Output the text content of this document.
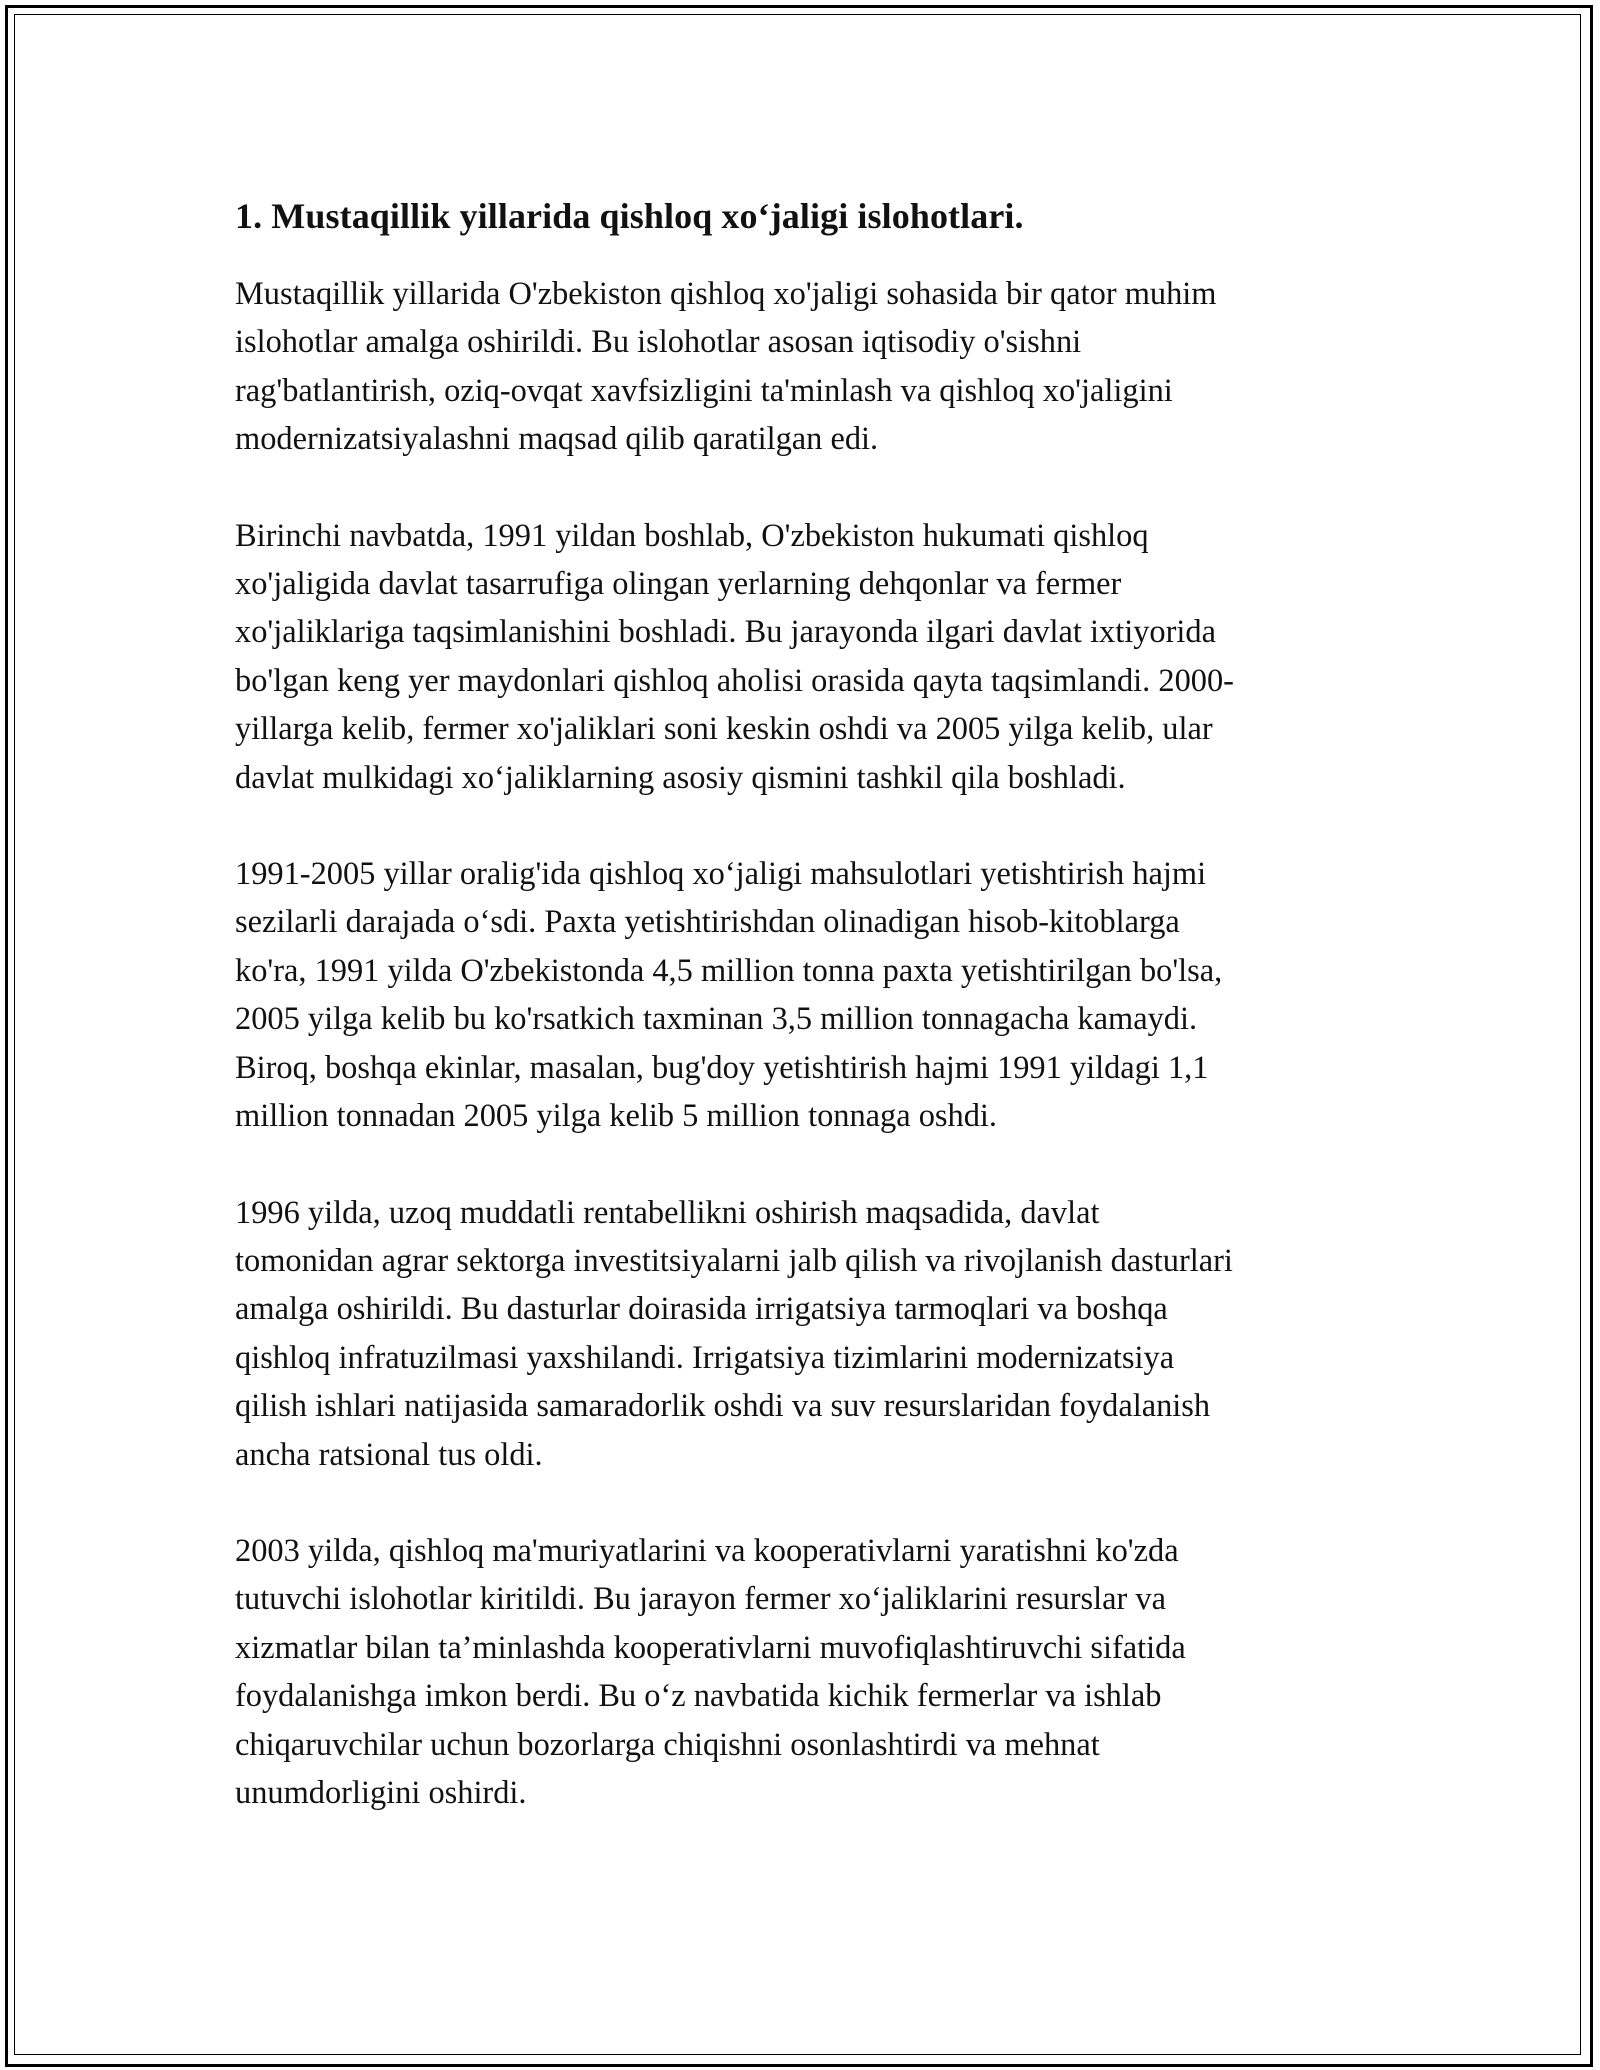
1. Mustaqillik yillarida qishloq xo‘jaligi islohotlari.

Mustaqillik yillarida O'zbekiston qishloq xo'jaligi sohasida bir qator muhim
islohotlar amalga oshirildi. Bu islohotlar asosan iqtisodiy o'sishni
rag'batlantirish, oziq-ovqat xavfsizligini ta'minlash va qishloq xo'jaligini
modernizatsiyalashni maqsad qilib qaratilgan edi.

Birinchi navbatda, 1991 yildan boshlab, O'zbekiston hukumati qishloq
xo'jaligida davlat tasarrufiga olingan yerlarning dehqonlar va fermer
xo'jaliklariga taqsimlanishini boshladi. Bu jarayonda ilgari davlat ixtiyorida
bo'lgan keng yer maydonlari qishloq aholisi orasida qayta taqsimlandi. 2000-
yillarga kelib, fermer xo'jaliklari soni keskin oshdi va 2005 yilga kelib, ular
davlat mulkidagi xo‘jaliklarning asosiy qismini tashkil qila boshladi.

1991-2005 yillar oralig'ida qishloq xo‘jaligi mahsulotlari yetishtirish hajmi
sezilarli darajada o‘sdi. Paxta yetishtirishdan olinadigan hisob-kitoblarga
ko'ra, 1991 yilda O'zbekistonda 4,5 million tonna paxta yetishtirilgan bo'lsa,
2005 yilga kelib bu ko'rsatkich taxminan 3,5 million tonnagacha kamaydi.
Biroq, boshqa ekinlar, masalan, bug'doy yetishtirish hajmi 1991 yildagi 1,1
million tonnadan 2005 yilga kelib 5 million tonnaga oshdi.

1996 yilda, uzoq muddatli rentabellikni oshirish maqsadida, davlat
tomonidan agrar sektorga investitsiyalarni jalb qilish va rivojlanish dasturlari
amalga oshirildi. Bu dasturlar doirasida irrigatsiya tarmoqlari va boshqa
qishloq infratuzilmasi yaxshilandi. Irrigatsiya tizimlarini modernizatsiya
qilish ishlari natijasida samaradorlik oshdi va suv resurslaridan foydalanish
ancha ratsional tus oldi.

2003 yilda, qishloq ma'muriyatlarini va kooperativlarni yaratishni ko'zda
tutuvchi islohotlar kiritildi. Bu jarayon fermer xo‘jaliklarini resurslar va
xizmatlar bilan ta’minlashda kooperativlarni muvofiqlashtiruvchi sifatida
foydalanishga imkon berdi. Bu o‘z navbatida kichik fermerlar va ishlab
chiqaruvchilar uchun bozorlarga chiqishni osonlashtirdi va mehnat
unumdorligini oshirdi.
